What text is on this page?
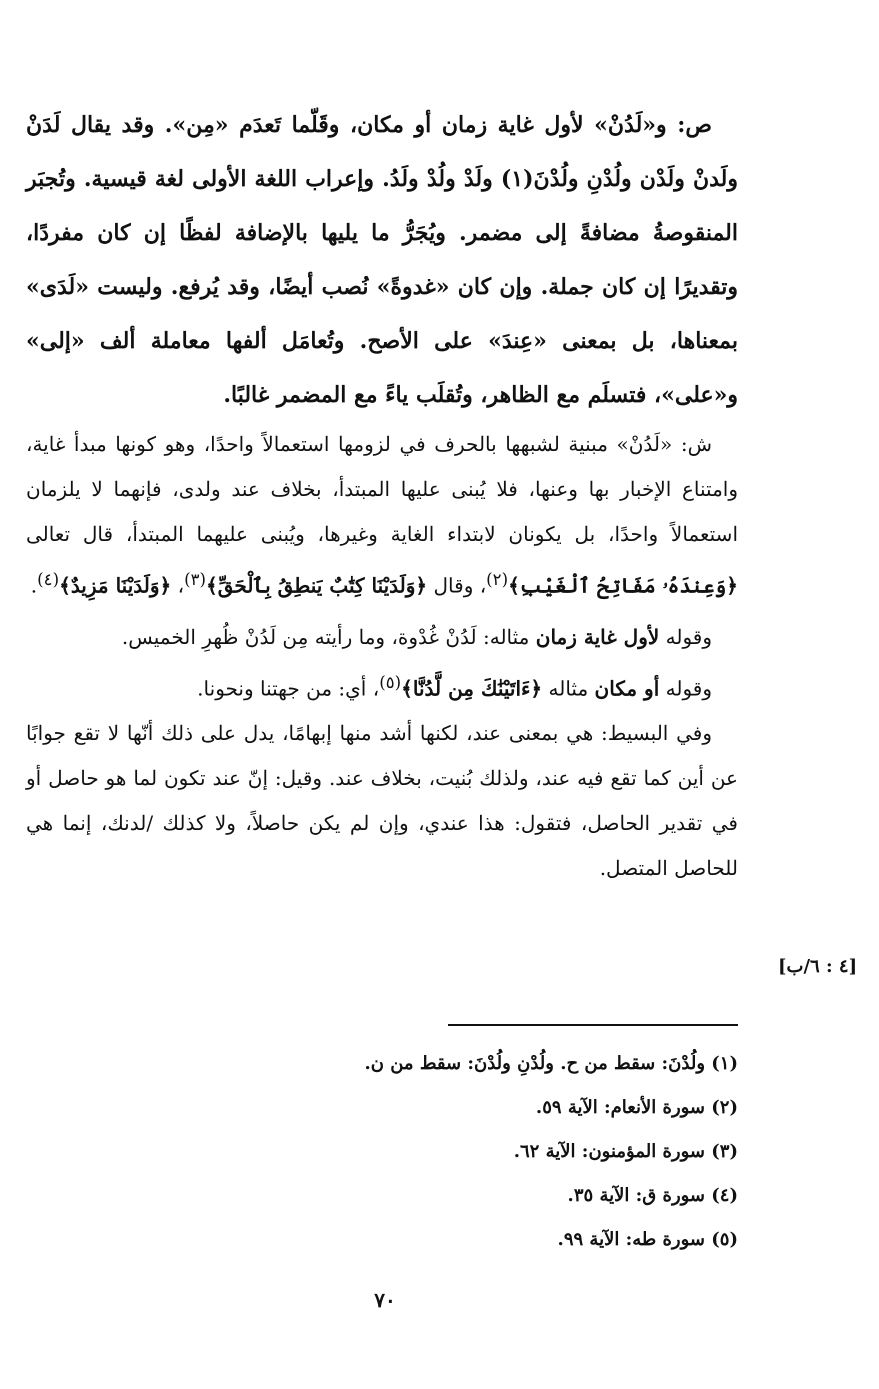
ص: و«لَدُنْ» لأول غاية زمان أو مكان، وقَلّما تَعدَم «مِن». وقد يقال لَدَنْ ولَدنْ ولَدْن ولُدْنِ ولُدْنَ(١) ولَدْ ولُدْ ولَدُ. وإعراب اللغة الأولى لغة قيسية. وتُجبَر المنقوصةُ مضافةً إلى مضمر. ويُجَرُّ ما يليها بالإضافة لفظًا إن كان مفردًا، وتقديرًا إن كان جملة. وإن كان «غدوةً» نُصب أيضًا، وقد يُرفع. وليست «لَدَى» بمعناها، بل بمعنى «عِندَ» على الأصح. وتُعامَل ألفها معاملة ألف «إلى» و«على»، فتسلَم مع الظاهر، وتُقلَب ياءً مع المضمر غالبًا.

ش: «لَدُنْ» مبنية لشبهها بالحرف في لزومها استعمالاً واحدًا، وهو كونها مبدأ غاية، وامتناع الإخبار بها وعنها، فلا يُبنى عليها المبتدأ، بخلاف عند ولدى، فإنهما لا يلزمان استعمالاً واحدًا، بل يكونان لابتداء الغاية وغيرها، ويُبنى عليهما المبتدأ، قال تعالى ﴿وَعِندَهُۥ مَفَاتِحُ ٱلْغَيْبِ﴾$^{(٢)}$، وقال ﴿وَلَدَيْنَا كِتَٰبٌ يَنطِقُ بِٱلْحَقِّ﴾$^{(٣)}$، ﴿وَلَدَيْنَا مَزِيدٌ﴾$^{(٤)}$.

وقوله لأول غاية زمان مثاله: لَدُنْ غُدْوة، وما رأيته مِن لَدُنْ ظُهرِ الخميس.

وقوله أو مكان مثاله ﴿ءَاتَيْنَٰكَ مِن لَّدُنَّا﴾$^{(٥)}$، أي: من جهتنا ونحونا.

وفي البسيط: هي بمعنى عند، لكنها أشد منها إبهامًا، يدل على ذلك أنّها لا تقع جوابًا عن أين كما تقع فيه عند، ولذلك بُنيت، بخلاف عند. وقيل: إنّ عند تكون لما هو حاصل أو في تقدير الحاصل، فتقول: هذا عندي، وإن لم يكن حاصلاً، ولا كذلك /لدنك، إنما هي للحاصل المتصل.

[٤ : ٦/ب]

(١) ولُدْنَ: سقط من ح. ولُدْنِ ولُدْنَ: سقط من ن.

(٢) سورة الأنعام: الآية ٥٩.

(٣) سورة المؤمنون: الآية ٦٢.

(٤) سورة ق: الآية ٣٥.

(٥) سورة طه: الآية ٩٩.

٧٠
